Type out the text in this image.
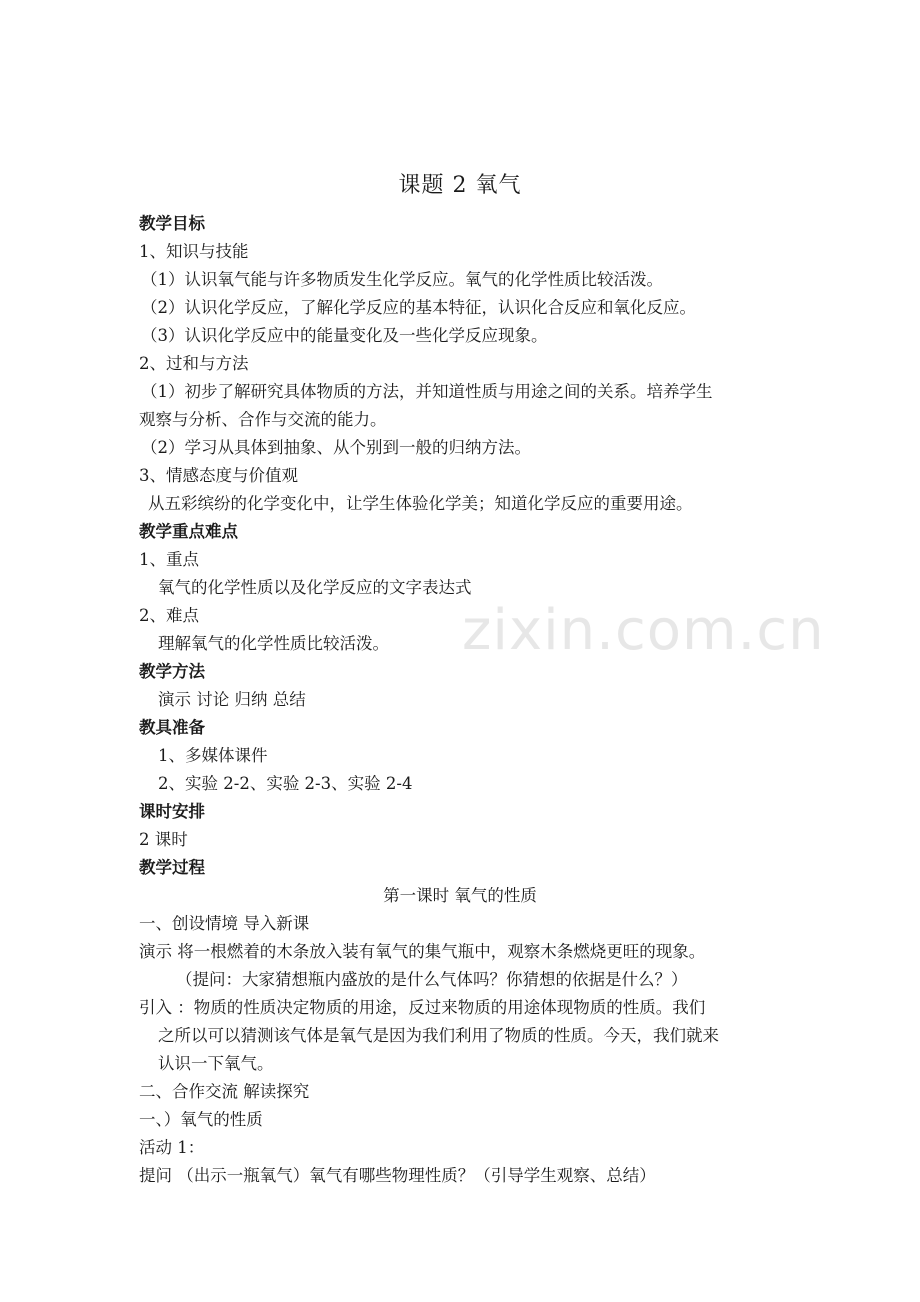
课题 2 氧气
教学目标
1、知识与技能
（1）认识氧气能与许多物质发生化学反应。氧气的化学性质比较活泼。
（2）认识化学反应，了解化学反应的基本特征，认识化合反应和氧化反应。
（3）认识化学反应中的能量变化及一些化学反应现象。
2、过和与方法
（1）初步了解研究具体物质的方法，并知道性质与用途之间的关系。培养学生
观察与分析、合作与交流的能力。
（2）学习从具体到抽象、从个别到一般的归纳方法。
3、情感态度与价值观
从五彩缤纷的化学变化中，让学生体验化学美；知道化学反应的重要用途。
教学重点难点
1、重点
氧气的化学性质以及化学反应的文字表达式
2、难点
理解氧气的化学性质比较活泼。
教学方法
演示 讨论 归纳 总结
教具准备
1、多媒体课件
2、实验 2-2、实验 2-3、实验 2-4
课时安排
2 课时
教学过程
第一课时 氧气的性质
一、创设情境 导入新课
演示 将一根燃着的木条放入装有氧气的集气瓶中，观察木条燃烧更旺的现象。
（提问：大家猜想瓶内盛放的是什么气体吗？你猜想的依据是什么？）
引入 ：物质的性质决定物质的用途，反过来物质的用途体现物质的性质。我们
之所以可以猜测该气体是氧气是因为我们利用了物质的性质。今天，我们就来
认识一下氧气。
二、合作交流 解读探究
一、）氧气的性质
活动 1：
提问 （出示一瓶氧气）氧气有哪些物理性质？（引导学生观察、总结）
zixin.com.cn
